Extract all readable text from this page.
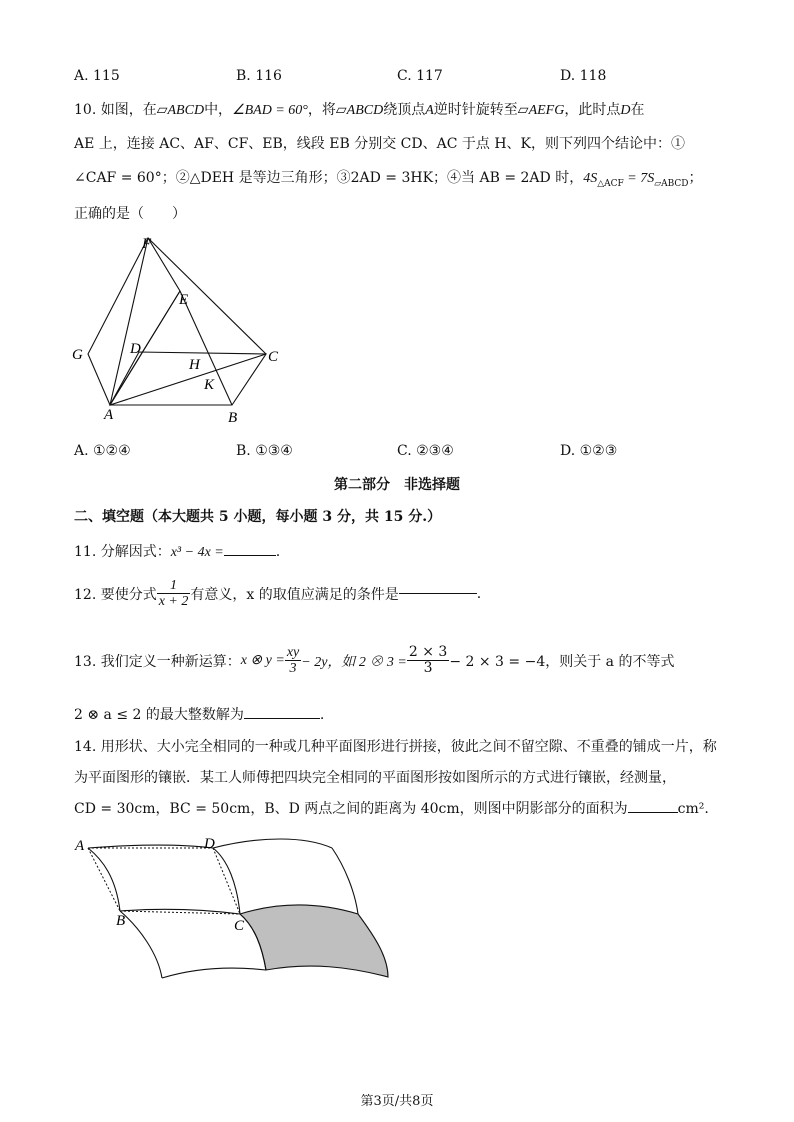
A. 115	B. 116	C. 117	D. 118
10. 如图，在▱ABCD中，∠BAD = 60°，将▱ABCD绕顶点A逆时针旋转至▱AEFG，此时点D在
AE 上，连接 AC、AF、CF、EB，线段 EB 分别交 CD、AC 于点 H、K，则下列四个结论中：①
∠CAF = 60°；②△DEH 是等边三角形；③2AD = 3HK；④当 AB = 2AD 时，$4S_{\triangle ACF} = 7S_{▱ABCD}$；
正确的是（　　）
F
E
G	D
H	C
K
A	B
A. ①②④	B. ①③④	C. ②③④	D. ①②③
第二部分　非选择题
二、填空题（本大题共 5 小题，每小题 3 分，共 15 分.）
11. 分解因式：x³ − 4x =	.
12. 要使分式 $\frac{1}{x + 2}$ 有意义，x 的取值应满足的条件是	.
13. 我们定义一种新运算： x ⊗ $y = \frac{xy}{3} - 2y$，如 2 ⊗ $3 = \frac{2 \times 3}{3} - 2 \times 3 = -4$，则关于 a 的不等式
2 ⊗ a ≤ 2 的最大整数解为	.
14. 用形状、大小完全相同的一种或几种平面图形进行拼接，彼此之间不留空隙、不重叠的铺成一片，称
为平面图形的镶嵌．某工人师傅把四块完全相同的平面图形按如图所示的方式进行镶嵌，经测量，
CD = 30cm，BC = 50cm，B、D 两点之间的距离为 40cm，则图中阴影部分的面积为	cm².
A	D
B	C
第3页/共8页
